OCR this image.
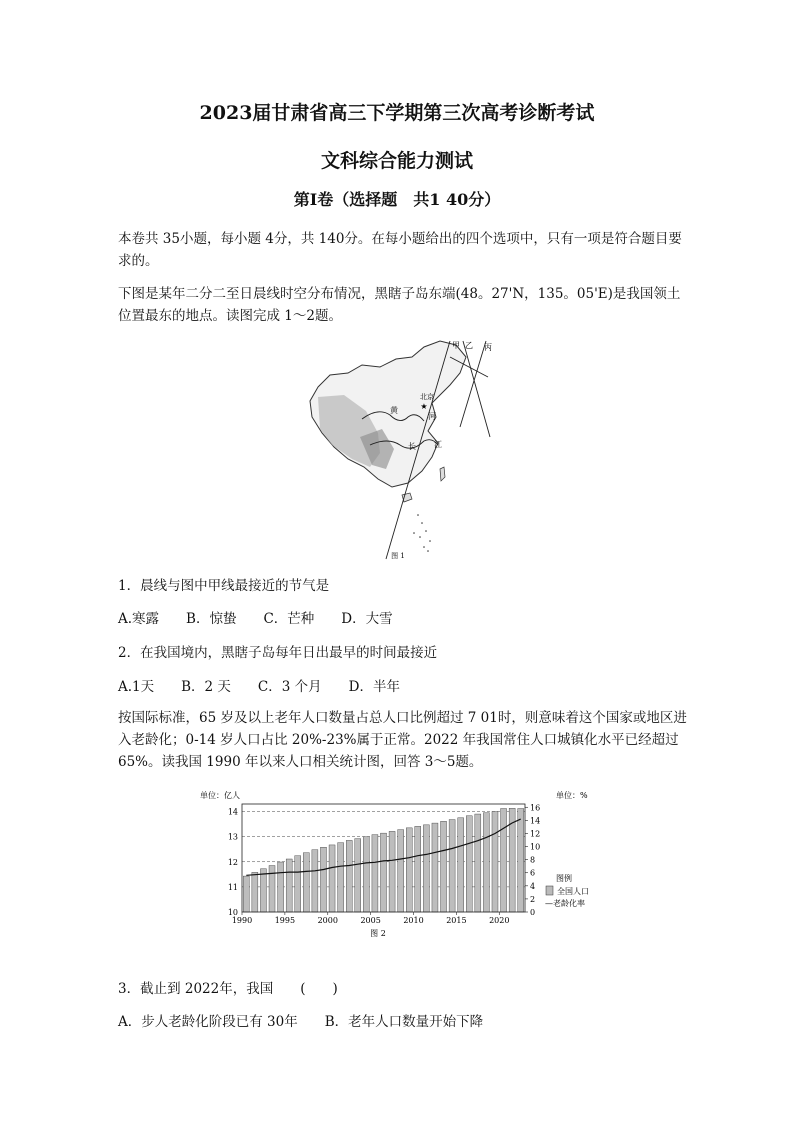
2023届甘肃省高三下学期第三次高考诊断考试
文科综合能力测试
第Ⅰ卷（选择题　共1 40分）
本卷共 35小题，每小题 4分，共 140分。在每小题给出的四个选项中，只有一项是符合题目要求的。
下图是某年二分二至日晨线时空分布情况，黑瞎子岛东端(48。27'N，135。05'E)是我国领土位置最东的地点。读图完成 1～2题。
★
甲 乙 丙
北京
黄
河
长 江
图 1
1．晨线与图中甲线最接近的节气是
A.寒露　　B．惊蛰　　C．芒种　　D．大雪
2．在我国境内，黑瞎子岛每年日出最早的时间最接近
A.1天　　B．2 天　　C．3 个月　　D．半年
按国际标准，65 岁及以上老年人口数量占总人口比例超过 7 01时，则意味着这个国家或地区进入老龄化；0-14 岁人口占比 20%-23%属于正常。2022 年我国常住人口城镇化水平已经超过 65%。读我国 1990 年以来人口相关统计图，回答 3～5题。
单位：亿人	单位：%
10
11
12
13
14
0
2
4
6
8
10
12
14
16
1990	1995	2000	2005	2010	2015	2020
图例
全国人口
—老龄化率
图 2
3．截止到 2022年，我国　　(　　)
A．步人老龄化阶段已有 30年　　B．老年人口数量开始下降
